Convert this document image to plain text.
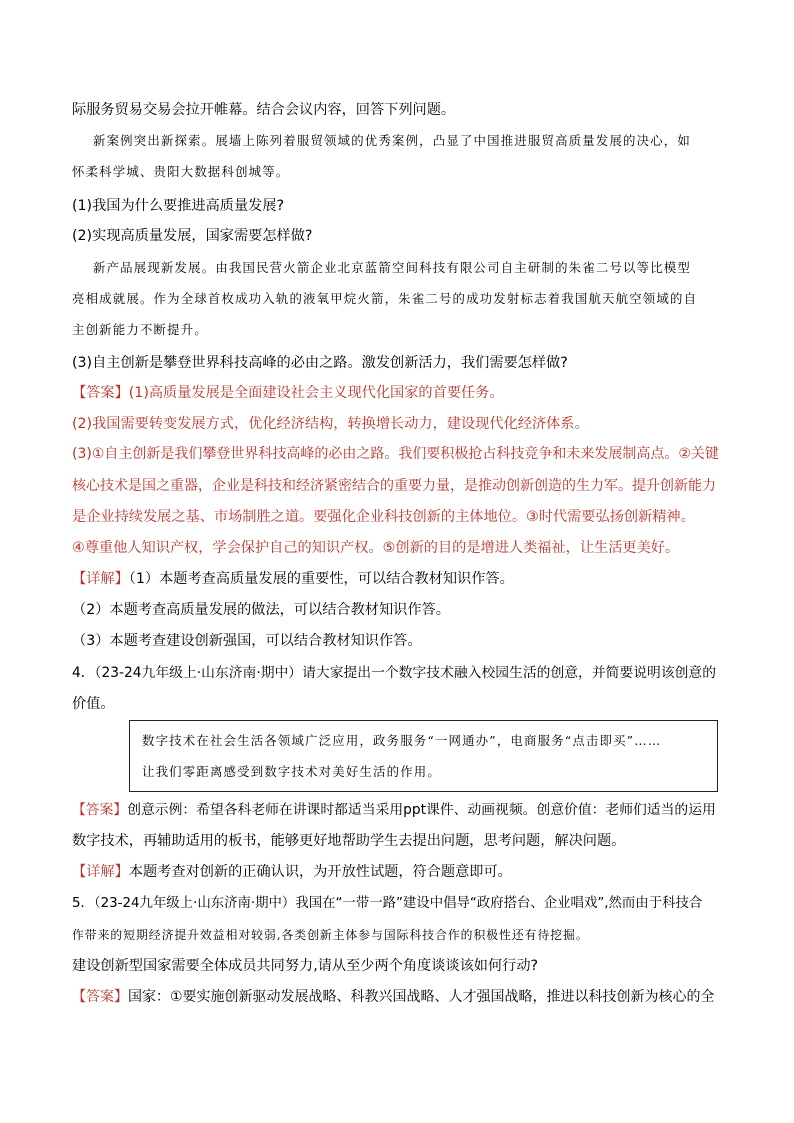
际服务贸易交易会拉开帷幕。结合会议内容，回答下列问题。
新案例突出新探索。展墙上陈列着服贸领域的优秀案例，凸显了中国推进服贸高质量发展的决心，如
怀柔科学城、贵阳大数据科创城等。
(1)我国为什么要推进高质量发展?
(2)实现高质量发展，国家需要怎样做?
新产品展现新发展。由我国民营火箭企业北京蓝箭空间科技有限公司自主研制的朱雀二号以等比模型
亮相成就展。作为全球首枚成功入轨的液氧甲烷火箭，朱雀二号的成功发射标志着我国航天航空领域的自
主创新能力不断提升。
(3)自主创新是攀登世界科技高峰的必由之路。激发创新活力，我们需要怎样做?
【答案】(1)高质量发展是全面建设社会主义现代化国家的首要任务。
(2)我国需要转变发展方式，优化经济结构，转换增长动力，建设现代化经济体系。
(3)①自主创新是我们攀登世界科技高峰的必由之路。我们要积极抢占科技竞争和未来发展制高点。②关键
核心技术是国之重器，企业是科技和经济紧密结合的重要力量，是推动创新创造的生力军。提升创新能力
是企业持续发展之基、市场制胜之道。要强化企业科技创新的主体地位。③时代需要弘扬创新精神。
④尊重他人知识产权，学会保护自己的知识产权。⑤创新的目的是增进人类福祉，让生活更美好。
【详解】（1）本题考查高质量发展的重要性，可以结合教材知识作答。
（2）本题考查高质量发展的做法，可以结合教材知识作答。
（3）本题考查建设创新强国，可以结合教材知识作答。
4．（23-24九年级上·山东济南·期中）请大家提出一个数字技术融入校园生活的创意，并简要说明该创意的
价值。
数字技术在社会生活各领域广泛应用，政务服务“一网通办”，电商服务“点击即买”……
让我们零距离感受到数字技术对美好生活的作用。
【答案】创意示例：希望各科老师在讲课时都适当采用ppt课件、动画视频。创意价值：老师们适当的运用
数字技术，再辅助适用的板书，能够更好地帮助学生去提出问题，思考问题，解决问题。
【详解】本题考查对创新的正确认识，为开放性试题，符合题意即可。
5．（23-24九年级上·山东济南·期中）我国在“一带一路”建设中倡导“政府搭台、企业唱戏”,然而由于科技合
作带来的短期经济提升效益相对较弱,各类创新主体参与国际科技合作的积极性还有待挖掘。
建设创新型国家需要全体成员共同努力,请从至少两个角度谈谈该如何行动?
【答案】国家：①要实施创新驱动发展战略、科教兴国战略、人才强国战略，推进以科技创新为核心的全
